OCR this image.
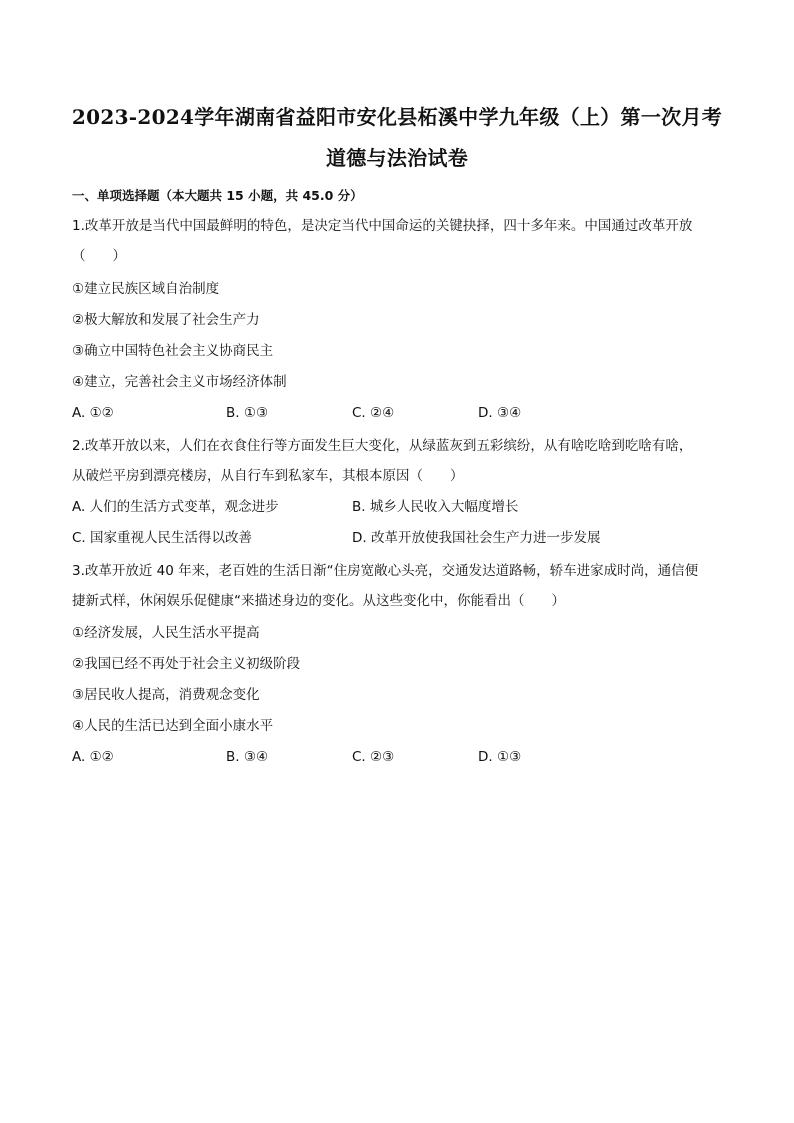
2023-2024学年湖南省益阳市安化县柘溪中学九年级（上）第一次月考
道德与法治试卷
一、单项选择题（本大题共 15 小题，共 45.0 分）
1.改革开放是当代中国最鲜明的特色，是决定当代中国命运的关键抉择，四十多年来。中国通过改革开放
（　　）
①建立民族区域自治制度
②极大解放和发展了社会生产力
③确立中国特色社会主义协商民主
④建立，完善社会主义市场经济体制
A. ①②	B. ①③	C. ②④	D. ③④
2.改革开放以来，人们在衣食住行等方面发生巨大变化，从绿蓝灰到五彩缤纷，从有啥吃啥到吃啥有啥，
从破烂平房到漂亮楼房，从自行车到私家车，其根本原因（　　）
A. 人们的生活方式变革，观念进步	B. 城乡人民收入大幅度增长
C. 国家重视人民生活得以改善	D. 改革开放使我国社会生产力进一步发展
3.改革开放近 40 年来，老百姓的生活日渐“住房宽敞心头亮，交通发达道路畅，轿车进家成时尚，通信便
捷新式样，休闲娱乐促健康“来描述身边的变化。从这些变化中，你能看出（　　）
①经济发展，人民生活水平提高
②我国已经不再处于社会主义初级阶段
③居民收人提高，消费观念变化
④人民的生活已达到全面小康水平
A. ①②	B. ③④	C. ②③	D. ①③
